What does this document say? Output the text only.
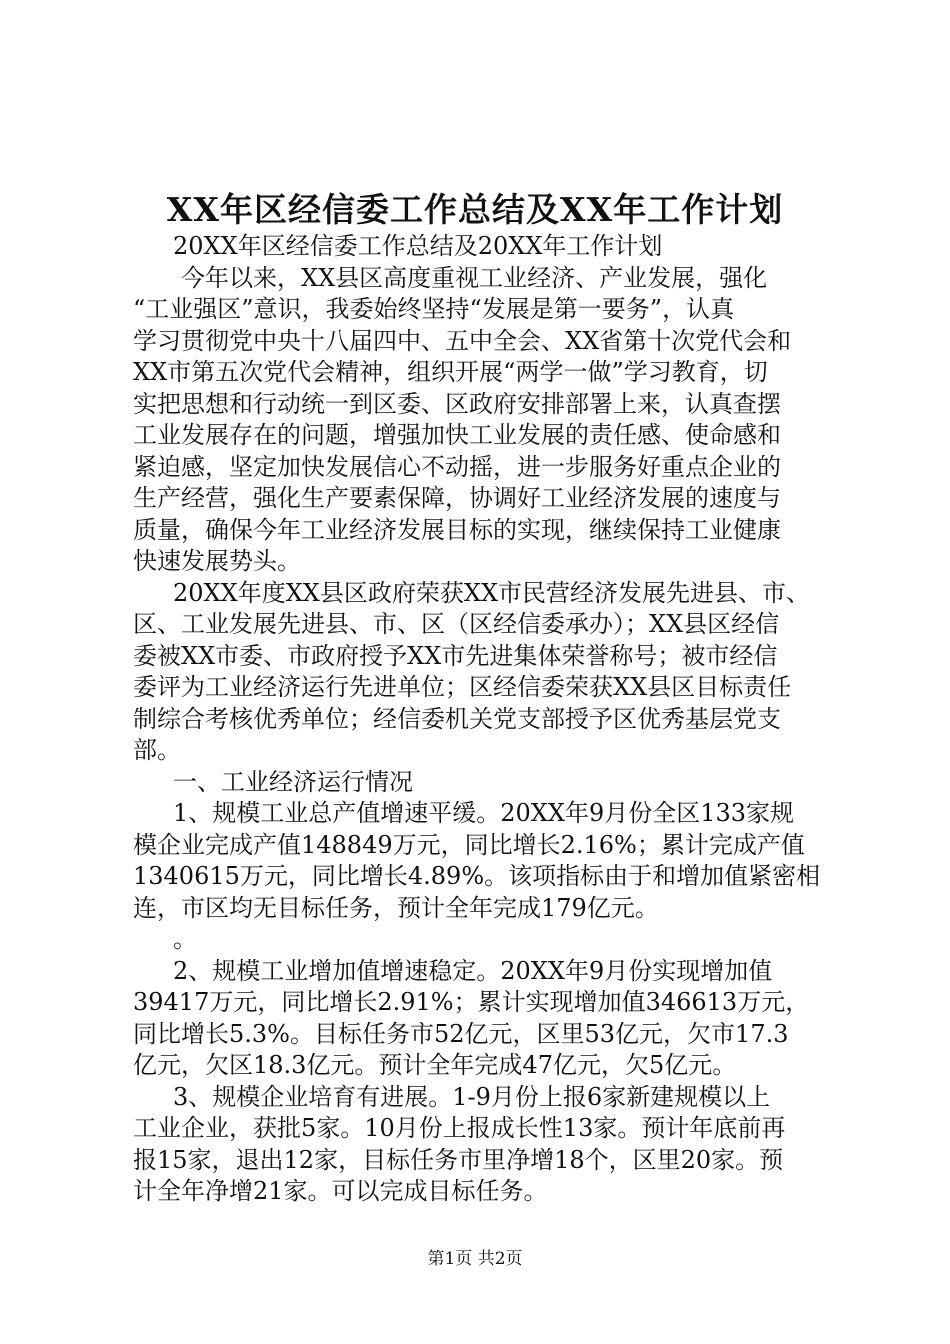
XX年区经信委工作总结及XX年工作计划
20XX年区经信委工作总结及20XX年工作计划
今年以来，XX县区高度重视工业经济、产业发展，强化
“工业强区”意识，我委始终坚持“发展是第一要务”，认真
学习贯彻党中央十八届四中、五中全会、XX省第十次党代会和
XX市第五次党代会精神，组织开展“两学一做”学习教育，切
实把思想和行动统一到区委、区政府安排部署上来，认真查摆
工业发展存在的问题，增强加快工业发展的责任感、使命感和
紧迫感，坚定加快发展信心不动摇，进一步服务好重点企业的
生产经营，强化生产要素保障，协调好工业经济发展的速度与
质量，确保今年工业经济发展目标的实现，继续保持工业健康
快速发展势头。
20XX年度XX县区政府荣获XX市民营经济发展先进县、市、
区、工业发展先进县、市、区（区经信委承办）；XX县区经信
委被XX市委、市政府授予XX市先进集体荣誉称号；被市经信
委评为工业经济运行先进单位；区经信委荣获XX县区目标责任
制综合考核优秀单位；经信委机关党支部授予区优秀基层党支
部。
一、工业经济运行情况
1、规模工业总产值增速平缓。20XX年9月份全区133家规
模企业完成产值148849万元，同比增长2.16%；累计完成产值
1340615万元，同比增长4.89%。该项指标由于和增加值紧密相
连，市区均无目标任务，预计全年完成179亿元。
。
2、规模工业增加值增速稳定。20XX年9月份实现增加值
39417万元，同比增长2.91%；累计实现增加值346613万元，
同比增长5.3%。目标任务市52亿元，区里53亿元，欠市17.3
亿元，欠区18.3亿元。预计全年完成47亿元，欠5亿元。
3、规模企业培育有进展。1-9月份上报6家新建规模以上
工业企业，获批5家。10月份上报成长性13家。预计年底前再
报15家，退出12家，目标任务市里净增18个，区里20家。预
计全年净增21家。可以完成目标任务。
第1页 共2页
